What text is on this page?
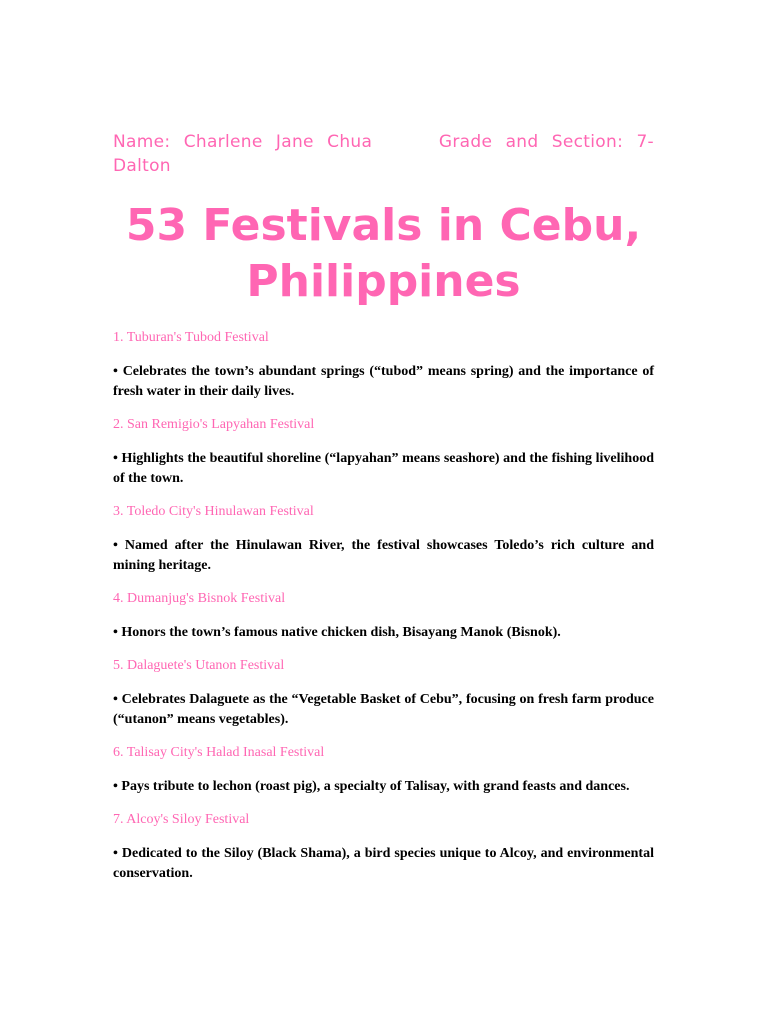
Name: Charlene Jane Chua     Grade and Section: 7-Dalton

53 Festivals in Cebu, Philippines

1. Tuburan's Tubod Festival

• Celebrates the town’s abundant springs (“tubod” means spring) and the importance of fresh water in their daily lives.

2. San Remigio's Lapyahan Festival

• Highlights the beautiful shoreline (“lapyahan” means seashore) and the fishing livelihood of the town.

3. Toledo City's Hinulawan Festival

• Named after the Hinulawan River, the festival showcases Toledo’s rich culture and mining heritage.

4. Dumanjug's Bisnok Festival

• Honors the town’s famous native chicken dish, Bisayang Manok (Bisnok).

5. Dalaguete's Utanon Festival

• Celebrates Dalaguete as the “Vegetable Basket of Cebu”, focusing on fresh farm produce (“utanon” means vegetables).

6. Talisay City's Halad Inasal Festival

• Pays tribute to lechon (roast pig), a specialty of Talisay, with grand feasts and dances.

7. Alcoy's Siloy Festival

• Dedicated to the Siloy (Black Shama), a bird species unique to Alcoy, and environmental conservation.
